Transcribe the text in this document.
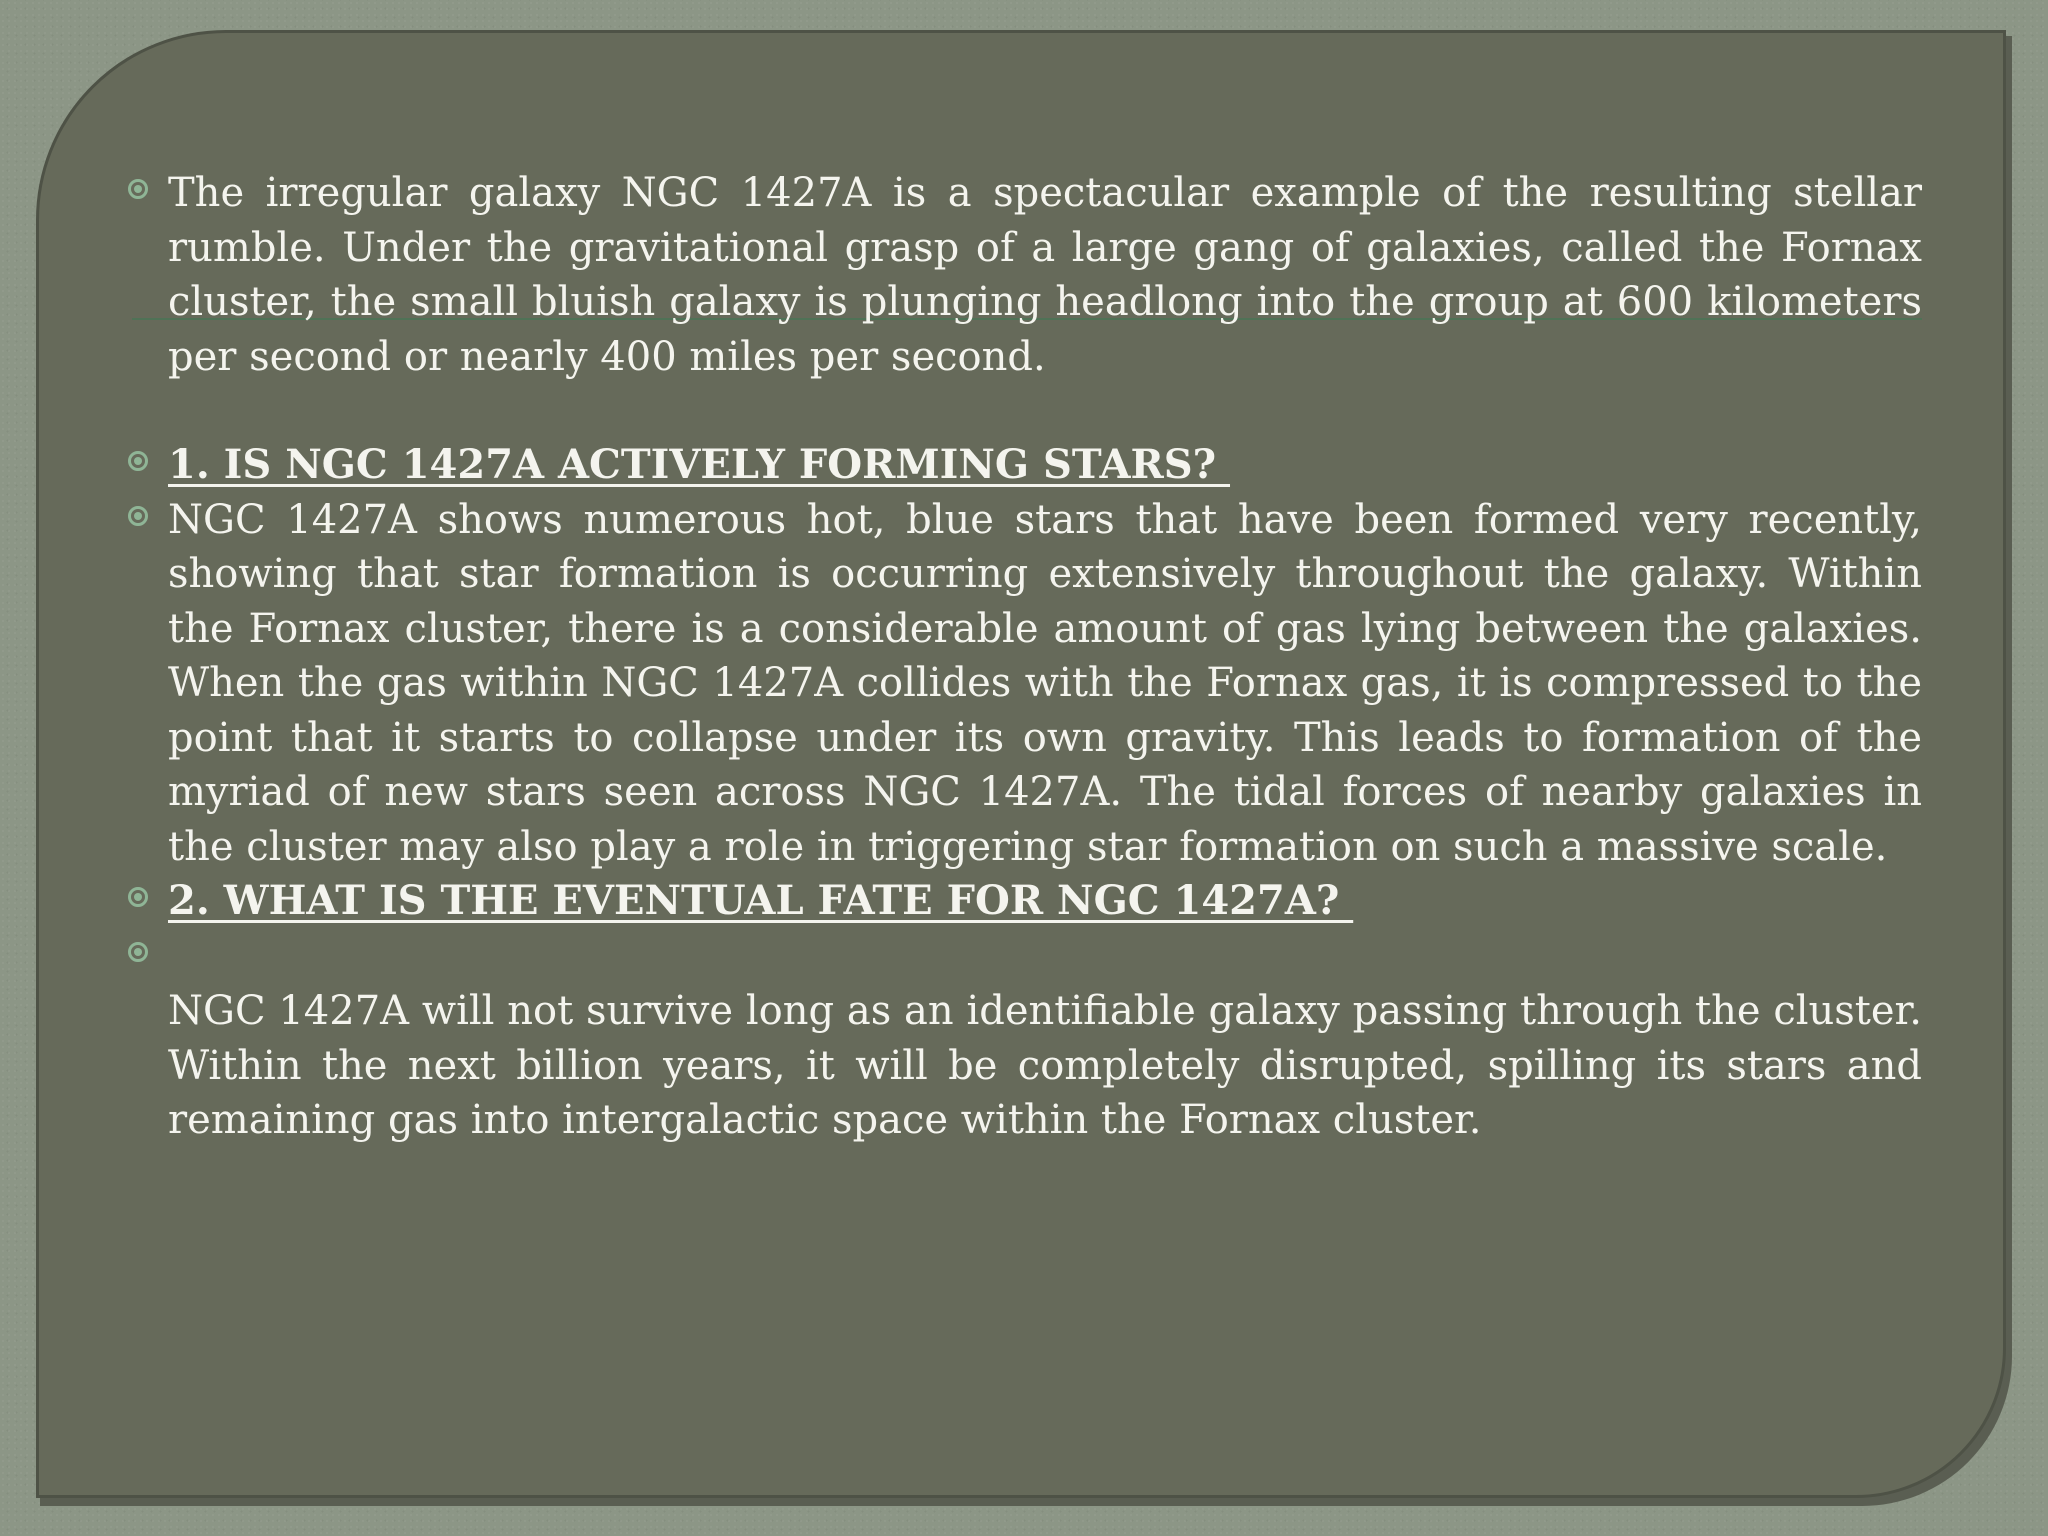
The irregular galaxy NGC 1427A is a spectacular example of the resulting stellar rumble. Under the gravitational grasp of a large gang of galaxies, called the Fornax cluster, the small bluish galaxy is plunging headlong into the group at 600 kilometers per second or nearly 400 miles per second.
1. IS NGC 1427A ACTIVELY FORMING STARS?
NGC 1427A shows numerous hot, blue stars that have been formed very recently, showing that star formation is occurring extensively throughout the galaxy. Within the Fornax cluster, there is a considerable amount of gas lying between the galaxies. When the gas within NGC 1427A collides with the Fornax gas, it is compressed to the point that it starts to collapse under its own gravity. This leads to formation of the myriad of new stars seen across NGC 1427A. The tidal forces of nearby galaxies in the cluster may also play a role in triggering star formation on such a massive scale.
2. WHAT IS THE EVENTUAL FATE FOR NGC 1427A?
NGC 1427A will not survive long as an identifiable galaxy passing through the cluster. Within the next billion years, it will be completely disrupted, spilling its stars and remaining gas into intergalactic space within the Fornax cluster.
